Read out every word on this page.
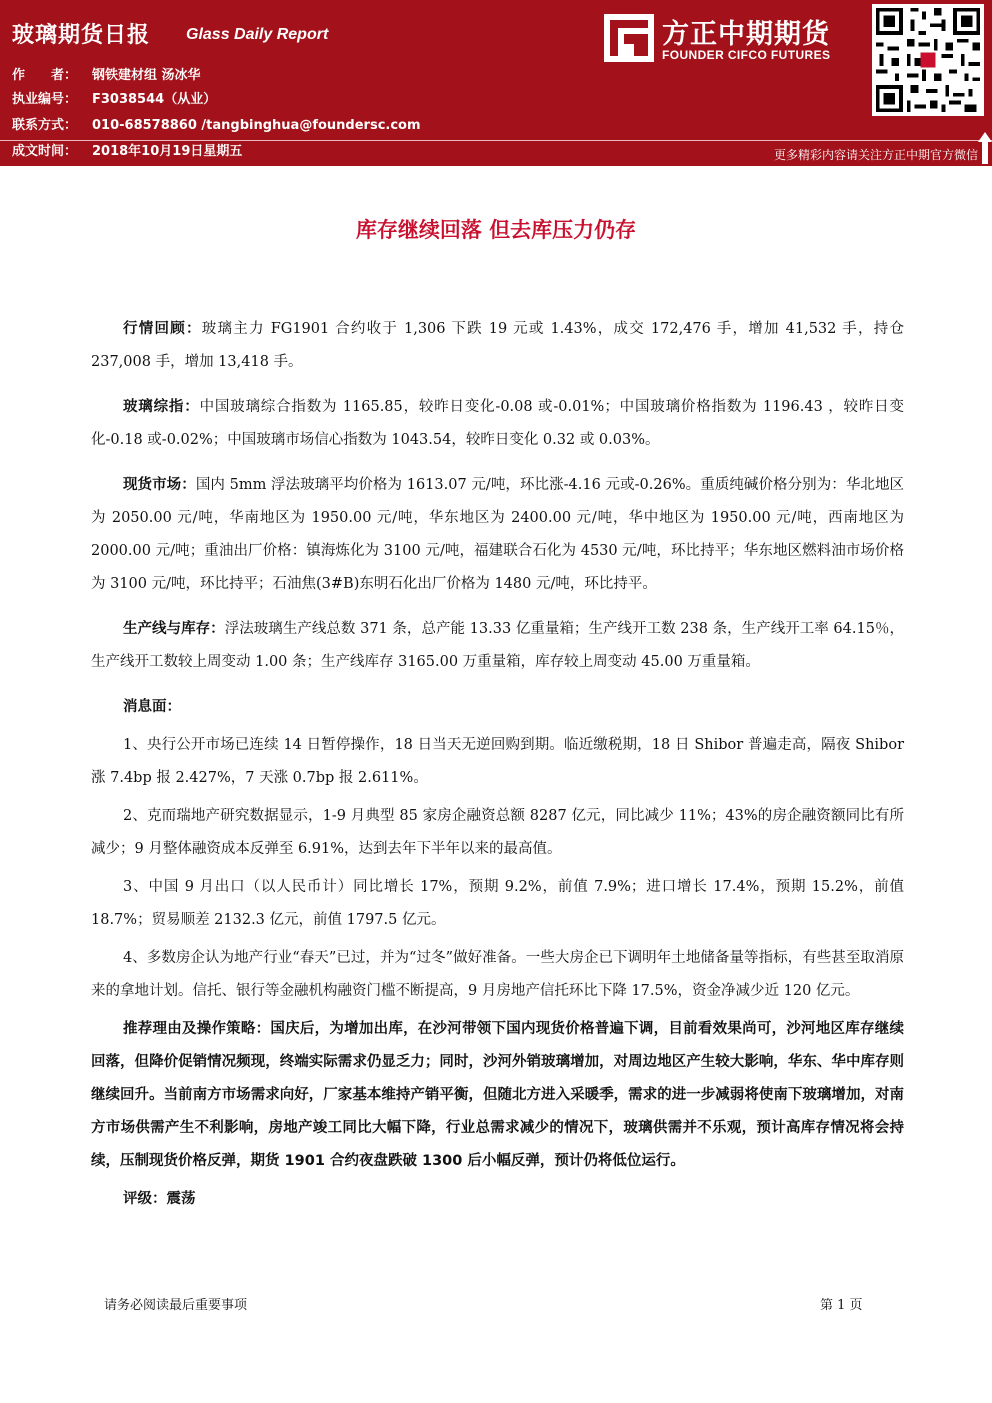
玻璃期货日报 Glass Daily Report
作　　者： 钢铁建材组 汤冰华
执业编号： F3038544（从业）
联系方式： 010-68578860 /tangbinghua@foundersc.com
成文时间： 2018年10月19日星期五
方正中期期货
FOUNDER CIFCO FUTURES
更多精彩内容请关注方正中期官方微信
库存继续回落 但去库压力仍存

行情回顾：玻璃主力 FG1901 合约收于 1,306 下跌 19 元或 1.43%，成交 172,476 手，增加 41,532 手，持仓 237,008 手，增加 13,418 手。

玻璃综指：中国玻璃综合指数为 1165.85，较昨日变化-0.08 或-0.01%；中国玻璃价格指数为 1196.43 ，较昨日变化-0.18 或-0.02%；中国玻璃市场信心指数为 1043.54，较昨日变化 0.32 或 0.03%。

现货市场：国内 5mm 浮法玻璃平均价格为 1613.07 元/吨，环比涨-4.16 元或-0.26%。重质纯碱价格分别为：华北地区为 2050.00 元/吨，华南地区为 1950.00 元/吨，华东地区为 2400.00 元/吨，华中地区为 1950.00 元/吨，西南地区为 2000.00 元/吨；重油出厂价格：镇海炼化为 3100 元/吨，福建联合石化为 4530 元/吨，环比持平；华东地区燃料油市场价格为 3100 元/吨，环比持平；石油焦(3#B)东明石化出厂价格为 1480 元/吨，环比持平。

生产线与库存：浮法玻璃生产线总数 371 条，总产能 13.33 亿重量箱；生产线开工数 238 条，生产线开工率 64.15％，生产线开工数较上周变动 1.00 条；生产线库存 3165.00 万重量箱，库存较上周变动 45.00 万重量箱。

消息面：

1、央行公开市场已连续 14 日暂停操作，18 日当天无逆回购到期。临近缴税期，18 日 Shibor 普遍走高，隔夜 Shibor 涨 7.4bp 报 2.427%，7 天涨 0.7bp 报 2.611%。

2、克而瑞地产研究数据显示，1-9 月典型 85 家房企融资总额 8287 亿元，同比减少 11%；43%的房企融资额同比有所减少；9 月整体融资成本反弹至 6.91%，达到去年下半年以来的最高值。

3、中国 9 月出口（以人民币计）同比增长 17%，预期 9.2%，前值 7.9%；进口增长 17.4%，预期 15.2%，前值 18.7%；贸易顺差 2132.3 亿元，前值 1797.5 亿元。

4、多数房企认为地产行业“春天”已过，并为“过冬”做好准备。一些大房企已下调明年土地储备量等指标，有些甚至取消原来的拿地计划。信托、银行等金融机构融资门槛不断提高，9 月房地产信托环比下降 17.5%，资金净减少近 120 亿元。

推荐理由及操作策略：国庆后，为增加出库，在沙河带领下国内现货价格普遍下调，目前看效果尚可，沙河地区库存继续回落，但降价促销情况频现，终端实际需求仍显乏力；同时，沙河外销玻璃增加，对周边地区产生较大影响，华东、华中库存则继续回升。当前南方市场需求向好，厂家基本维持产销平衡，但随北方进入采暖季，需求的进一步减弱将使南下玻璃增加，对南方市场供需产生不利影响，房地产竣工同比大幅下降，行业总需求减少的情况下，玻璃供需并不乐观，预计高库存情况将会持续，压制现货价格反弹，期货 1901 合约夜盘跌破 1300 后小幅反弹，预计仍将低位运行。

评级：震荡

请务必阅读最后重要事项	第 1 页
